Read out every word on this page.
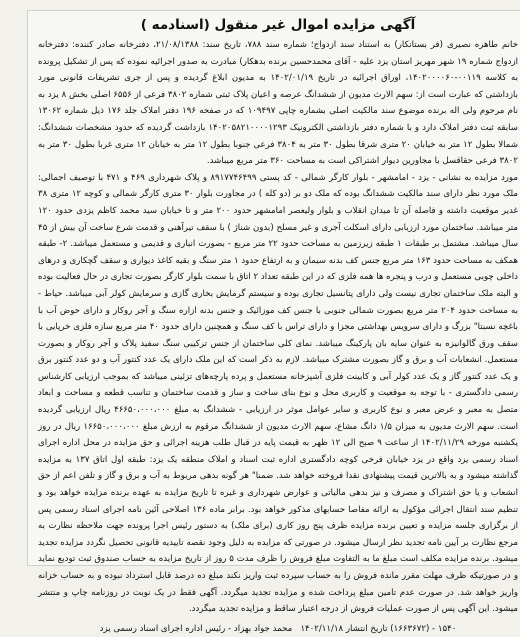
آگهی مزایده اموال غیر منقول (اسناد‌مه )

خانم طاهره نصیری (فر بستانکار) به استناد سند ازدواج؛ شماره سند ۷۸۸، تاریخ سند: ۲۱/۰۸/۱۳۸۸، دفترخانه صادر کننده: دفترخانه ازدواج شماره ۱۹ شهر مهریز استان یزد علیه - آقای محمدحسین برنده بدهکار) مبادرت به صدور اجرائیه نموده که پس از تشکیل پرونده به کلاسه ۰۰۱۱۹-۱۴۰۲۰۰۰۰۶۰، اوراق اجرائیه در تاریخ ۱۴۰۲/۰۱/۱۹ به مدیون ابلاغ گردیده و پس از جری تشریفات قانونی مورد بازداشتی که عبارت است از: سهم الارث مدیون از ششدانگ عرصه و اعیان پلاک ثبتی شماره ۳۸۰۲ فرعی از ۶۵۵۶ اصلی بخش ۸ یزد به نام مرحوم ولی اله برنده موضوع سند مالکیت اصلی بشماره چاپی ۱۰۹۴۹۷ که در صفحه ۱۹۶ دفتر املاک جلد ۱۷۶ ذیل شماره ۱۳۰۶۲ سابقه ثبت دفتر املاک دارد و با شماره دفتر بازداشتی الکترونیک ۱۴۰۲۰۵۸۲۱۰۰۰۰۱۲۹۳ بازداشت گردیده که حدود مشخصات ششدانگ: شمالا بطول ۱۲ متر به خیابان ۲۰ متری شرقا بطول ۳۰ متر به ۳۸۰۴ فرعی جنوبا بطول ۱۲ متر به خیابان ۱۲ متری غربا بطول ۳۰ متر به ۳۸۰۲ فرعی حقاقسل با مجاورین دیوار اشتراکی است به مساحت ۳۶۰ متر مربع میباشد.

مورد مزایده به نشانی - یزد - امامشهر - بلوار کارگر شمالی - کد پستی ۸۹۱۷۷۴۶۴۹۹ و پلاک شهرداری ۴۶۹ و ۴۷۱ با توصیف اجمالی: ملک مورد نظر دارای سند مالکیت ششدانگ بوده که ملک دو بر (دو کله ) در مجاورت بلوار ۳۰ متری کارگر شمالی و کوچه ۱۲ متری ۳۸ غدیر موقعیت داشته و فاصله آن تا میدان انقلاب و بلوار ولیعصر امامشهر حدود ۲۰۰ متر و تا خیابان سید محمد کاظم یزدی حدود ۱۲۰ متر میباشد. ساختمان مورد ارزیابی دارای اسکلت آجری و غیر مسلح (بدون شناژ ) با سقف تیرآهنی و قدمت شرع ساخت آن بیش از ۴۵ سال میباشد. مشتمل بر طبقات ۱ طبقه زیرزمین به مساحت حدود ۲۲ متر مربع - بصورت انباری و قدیمی و مستعمل میباشد. ۲- طبقه همکف به مساحت حدود ۱۶۳ متر مربع جنس کف بدنه سیمان و به ارتفاع حدود ۱ متر سنگ و بقیه کاغذ دیواری و سقف گچکاری و درهای داخلی چوبی مستعمل و درب و پنجره ها همه فلزی که در این طبقه تعداد ۲ اتاق با سمت بلوار کارگر بصورت تجاری در حال فعالیت بوده و البته ملک ساختمان تجاری نیست ولی دارای پتانسیل تجاری بوده و سیستم گرمایش بخاری گازی و سرمایش کولر آبی میباشد. حیاط - به مساحت حدود ۲۰۴ متر مربع بصورت شمالی جنوبی با جنس کف موزائیک و جنس بدنه ازاره سنگ و آجر روکار و دارای حوض آب با باغچه نسبتا" بزرگ و دارای سرویس بهداشتی مجزا و دارای تراس با کف سنگ و همچنین دارای حدود ۴۰ متر مربع سازه فلزی خرپایی با سقف ورق گالوانیزه به عنوان سایه بان پارکینگ میباشد. نمای کلی ساختمان از جنس ترکیبی سنگ سفید پلاک و آجر روکار و بصورت مستعمل. انشعابات آب و برق و گاز بصورت مشترک میباشد. لازم به ذکر است که این ملک دارای یک عدد کنتور آب و دو عدد کنتور برق و یک عدد کنتور گاز و یک عدد کولر آبی و کابینت فلزی آشپزخانه مستعمل و پرده پارچه‌های تزئینی میباشد که بموجب ارزیابی کارشناس رسمی دادگستری - با توجه به موقعیت و کاربری محل و نوع بنای ساخت و ساز و قدمت ساختمان و تناسب قطعه و مساحت و ابعاد متصل به معبر و عرض معبر و نوع کاربری و سایر عوامل موثر در ارزیابی - ششدانگ به مبلغ ۴۶۶۵۰،۰۰۰،۰۰۰ ریال ارزیابی گردیده است. سهم الارث مدیون به میزان ۱/۵ دانگ مشاع، سهم الارث مدیون از ششدانگ مرقوم به ارزش مبلغ ۱۶۶۵۰،۰۰۰،۰۰۰ ریال در روز یکشنبه مورخه ۱۴۰۲/۱۱/۲۹ از ساعت ۹ صبح الی ۱۲ ظهر به قیمت پایه در قبال طلب هزینه اجرائی و حق مزایده در محل اداره اجرای اسناد رسمی یزد واقع در یزد خیابان فرخی کوچه دادگستری اداره ثبت اسناد و املاک منطقه یک یزد: طبقه اول اتاق ۱۳۷ به مزایده گذاشته میشود و به بالاترین قیمت پیشنهادی نقدا فروخته خواهد شد. ضمنا" هر گونه بدهی مربوط به آب و برق و گاز و تلفن اعم از حق انشعاب و یا حق اشتراک و مصرف و نیز بدهی مالیاتی و عوارض شهرداری و غیره تا تاریخ مزایده به عهده برنده مزایده خواهد بود و تنظیم سند انتقال اجرائی مؤکول به ارائه مفاصا حسابهای مذکور خواهد بود. برابر ماده ۱۳۶ اصلاحی آئین نامه اجرای اسناد رسمی پس از برگزاری جلسه مزایده و تعیین برنده مزایده ظرف پنج روز کاری (برای ملک) به دستور رئیس اجرا پرونده جهت ملاحظه نظارت به مرجع نظارت بر آیین نامه تجدید نظر ارسال میشود. در صورتی که مزایده به دلیل وجود نقصه تاییدیه قانونی تحصیل نگردد مزایده تجدید میشود. برنده مزایده مکلف است مبلغ ما به التفاوت مبلغ فروش را ظرف مدت ۵ روز از تاریخ مزایده به حساب صندوق ثبت تودیع نماید و در صورتیکه ظرف مهلت مقرر مانده فروش را به حساب سپرده ثبت واریز نکند مبلغ ده درصد قابل استرداد نبوده و به حساب خزانه واریز خواهد شد. در صورت عدم تامین مبلغ پرداخت شده و مزایده تجدید میگردد. آگهی فقط در یک نوبت در روزنامه چاپ و منتشر میشود. این آگهی پس از صورت عملیات فروش از درجه اعتبار ساقط و مزایده تجدید میگردد.

۱۵۴۰ - (۱۶۶۳۶۷۲) تاریخ انتشار ۱۴۰۲/۱۱/۱۸   محمد جواد بهزاد - رئیس اداره اجرای اسناد رسمی یزد
